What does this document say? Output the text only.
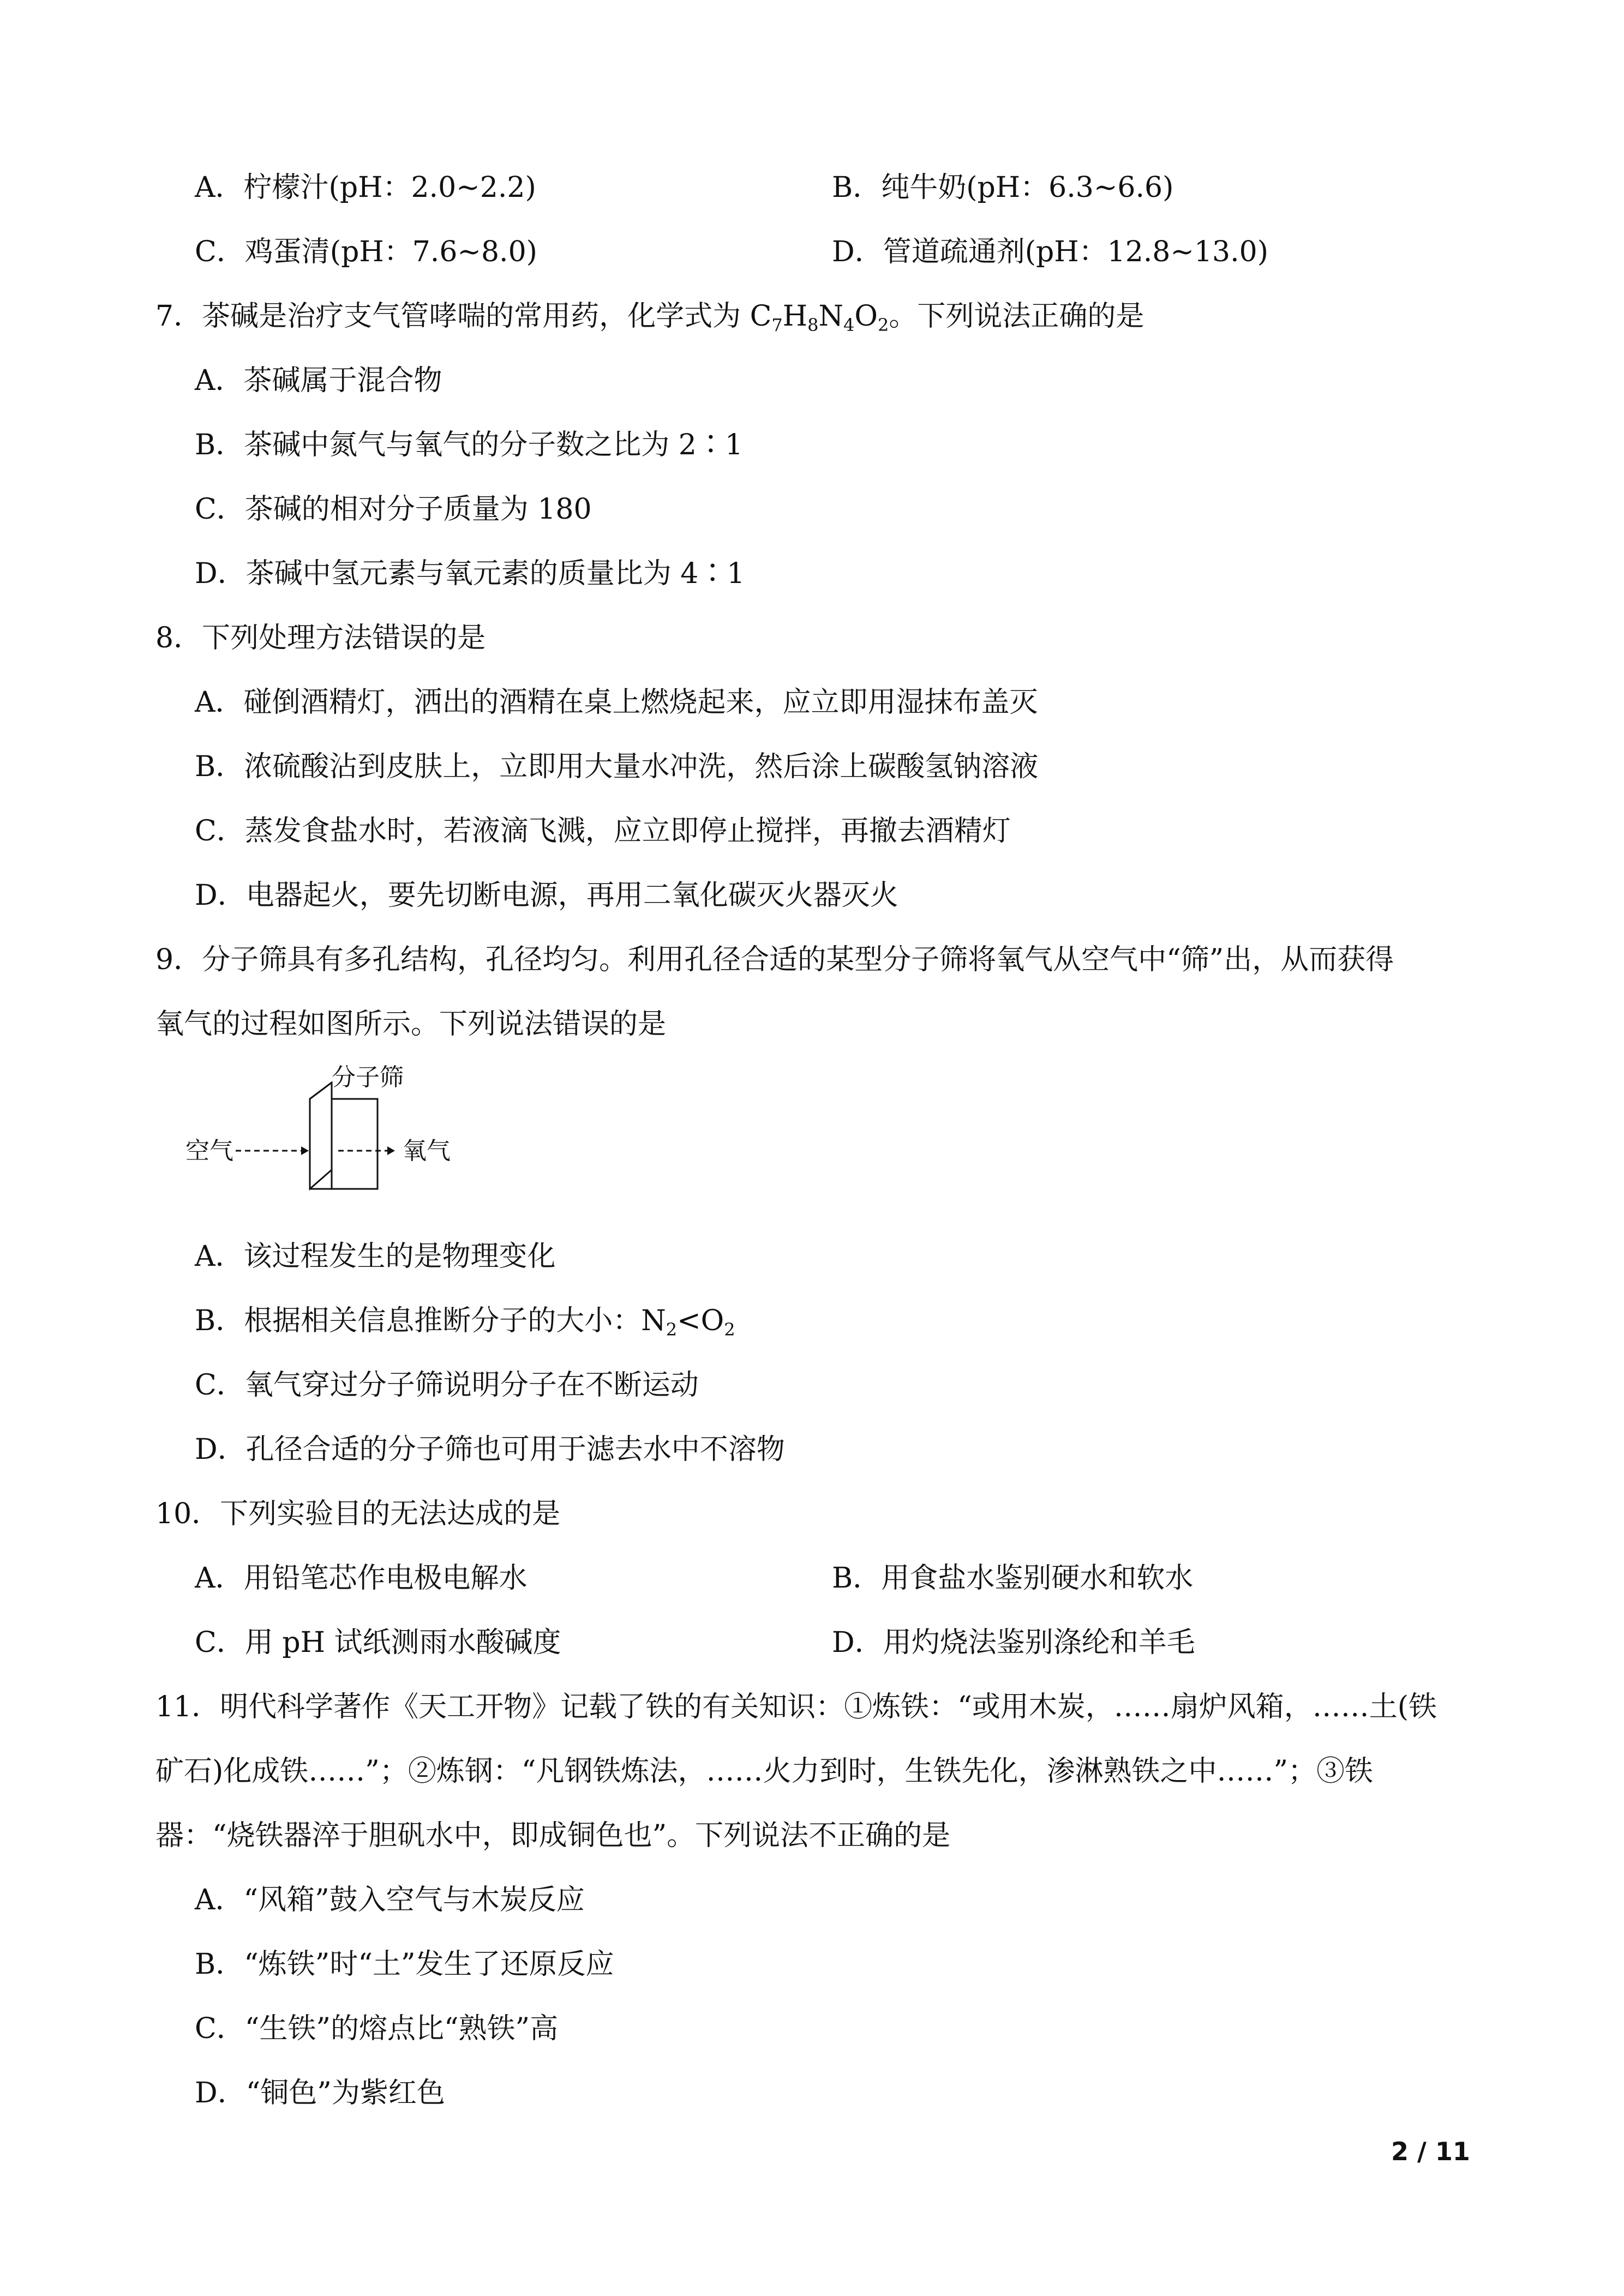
A．柠檬汁(pH：2.0~2.2)	B．纯牛奶(pH：6.3~6.6)
C．鸡蛋清(pH：7.6~8.0)	D．管道疏通剂(pH：12.8~13.0)
7．茶碱是治疗支气管哮喘的常用药，化学式为 $C_7H_8N_4O_2$。下列说法正确的是
A．茶碱属于混合物
B．茶碱中氮气与氧气的分子数之比为 2∶1
C．茶碱的相对分子质量为 180
D．茶碱中氢元素与氧元素的质量比为 4∶1
8．下列处理方法错误的是
A．碰倒酒精灯，洒出的酒精在桌上燃烧起来，应立即用湿抹布盖灭
B．浓硫酸沾到皮肤上，立即用大量水冲洗，然后涂上碳酸氢钠溶液
C．蒸发食盐水时，若液滴飞溅，应立即停止搅拌，再撤去酒精灯
D．电器起火，要先切断电源，再用二氧化碳灭火器灭火
9．分子筛具有多孔结构，孔径均匀。利用孔径合适的某型分子筛将氧气从空气中“筛”出，从而获得
氧气的过程如图所示。下列说法错误的是
分子筛
空气	氧气
A．该过程发生的是物理变化
B．根据相关信息推断分子的大小：$N_2<O_2$
C．氧气穿过分子筛说明分子在不断运动
D．孔径合适的分子筛也可用于滤去水中不溶物
10．下列实验目的无法达成的是
A．用铅笔芯作电极电解水	B．用食盐水鉴别硬水和软水
C．用 pH 试纸测雨水酸碱度	D．用灼烧法鉴别涤纶和羊毛
11．明代科学著作《天工开物》记载了铁的有关知识：①炼铁：“或用木炭，……扇炉风箱，……土(铁
矿石)化成铁……”；②炼钢：“凡钢铁炼法，……火力到时，生铁先化，渗淋熟铁之中……”；③铁
器：“烧铁器淬于胆矾水中，即成铜色也”。下列说法不正确的是
A．“风箱”鼓入空气与木炭反应
B．“炼铁”时“土”发生了还原反应
C．“生铁”的熔点比“熟铁”高
D．“铜色”为紫红色
2 / 11
